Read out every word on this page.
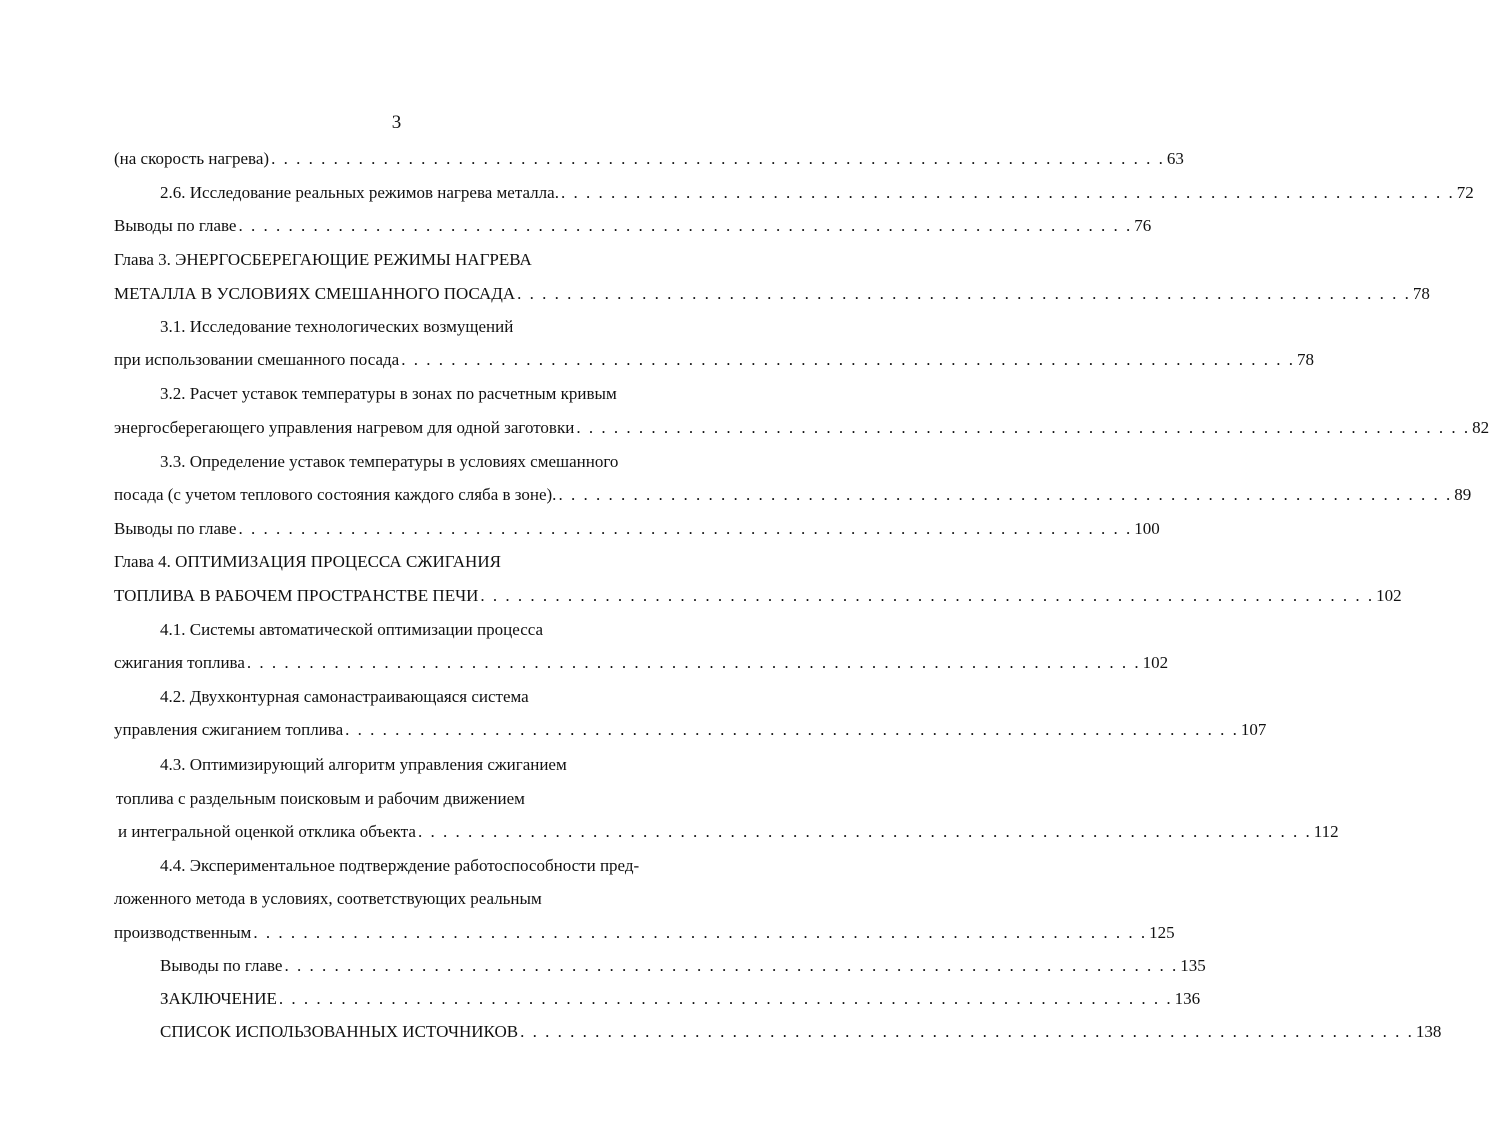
3
(на скорость нагрева) . . . . . . . . . . . . . . . . . . . . . . . . . . . . . . . . . . . . . . . . . . . . . . . . . . . . . . . . . . . . . . . . . . . . . . . . 63
2.6. Исследование реальных режимов нагрева металла. . . . . . . . . . . . . . . . . . . . . . . . . . . . . . . . . . . . . . . . . . . . . . . . . . . . . . . . . . . . . . . . . . . . . . . . . 72
Выводы по главе . . . . . . . . . . . . . . . . . . . . . . . . . . . . . . . . . . . . . . . . . . . . . . . . . . . . . . . . . . . . . . . . . . . . . . . . 76
Глава 3. ЭНЕРГОСБЕРЕГАЮЩИЕ РЕЖИМЫ НАГРЕВА
МЕТАЛЛА В УСЛОВИЯХ СМЕШАННОГО ПОСАДА . . . . . . . . . . . . . . . . . . . . . . . . . . . . . . . . . . . . . . . . . . . . . . . . . . . . . . . . . . . . . . . . . . . . . . . . 78
3.1. Исследование технологических возмущений
при использовании смешанного посада . . . . . . . . . . . . . . . . . . . . . . . . . . . . . . . . . . . . . . . . . . . . . . . . . . . . . . . . . . . . . . . . . . . . . . . . 78
3.2. Расчет уставок температуры в зонах по расчетным кривым
энергосберегающего управления нагревом для одной заготовки . . . . . . . . . . . . . . . . . . . . . . . . . . . . . . . . . . . . . . . . . . . . . . . . . . . . . . . . . . . . . . . . . . . . . . . . 82
3.3. Определение уставок температуры в условиях смешанного
посада (с учетом теплового состояния каждого сляба в зоне). . . . . . . . . . . . . . . . . . . . . . . . . . . . . . . . . . . . . . . . . . . . . . . . . . . . . . . . . . . . . . . . . . . . . . . . . 89
Выводы по главе . . . . . . . . . . . . . . . . . . . . . . . . . . . . . . . . . . . . . . . . . . . . . . . . . . . . . . . . . . . . . . . . . . . . . . . . 100
Глава 4. ОПТИМИЗАЦИЯ ПРОЦЕССА СЖИГАНИЯ
ТОПЛИВА В РАБОЧЕМ ПРОСТРАНСТВЕ ПЕЧИ . . . . . . . . . . . . . . . . . . . . . . . . . . . . . . . . . . . . . . . . . . . . . . . . . . . . . . . . . . . . . . . . . . . . . . . . 102
4.1. Системы автоматической оптимизации процесса
сжигания топлива . . . . . . . . . . . . . . . . . . . . . . . . . . . . . . . . . . . . . . . . . . . . . . . . . . . . . . . . . . . . . . . . . . . . . . . . 102
4.2. Двухконтурная самонастраивающаяся система
управления сжиганием топлива . . . . . . . . . . . . . . . . . . . . . . . . . . . . . . . . . . . . . . . . . . . . . . . . . . . . . . . . . . . . . . . . . . . . . . . . 107
4.3. Оптимизирующий алгоритм управления сжиганием
топлива с раздельным поисковым и рабочим движением
и интегральной оценкой отклика объекта . . . . . . . . . . . . . . . . . . . . . . . . . . . . . . . . . . . . . . . . . . . . . . . . . . . . . . . . . . . . . . . . . . . . . . . . 112
4.4. Экспериментальное подтверждение работоспособности пред-
ложенного метода в условиях, соответствующих реальным
производственным . . . . . . . . . . . . . . . . . . . . . . . . . . . . . . . . . . . . . . . . . . . . . . . . . . . . . . . . . . . . . . . . . . . . . . . . 125
Выводы по главе . . . . . . . . . . . . . . . . . . . . . . . . . . . . . . . . . . . . . . . . . . . . . . . . . . . . . . . . . . . . . . . . . . . . . . . . 135
ЗАКЛЮЧЕНИЕ . . . . . . . . . . . . . . . . . . . . . . . . . . . . . . . . . . . . . . . . . . . . . . . . . . . . . . . . . . . . . . . . . . . . . . . . 136
СПИСОК ИСПОЛЬЗОВАННЫХ ИСТОЧНИКОВ . . . . . . . . . . . . . . . . . . . . . . . . . . . . . . . . . . . . . . . . . . . . . . . . . . . . . . . . . . . . . . . . . . . . . . . . 138
